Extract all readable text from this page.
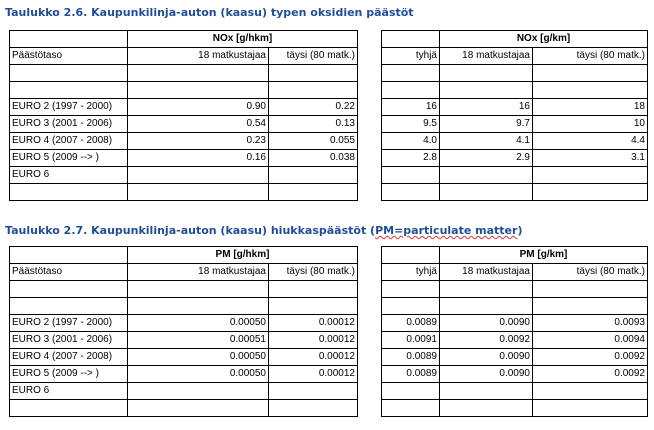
Taulukko 2.6. Kaupunkilinja-auton (kaasu) typen oksidien päästöt
	NOx [g/hkm]				NOx [g/km]	
Päästötaso	18 matkustajaa	täysi (80 matk.)		tyhjä	18 matkustajaa	täysi (80 matk.)

EURO 2 (1997 - 2000)	0.90	0.22		16	16	18
EURO 3 (2001 - 2006)	0.54	0.13		9.5	9.7	10
EURO 4 (2007 - 2008)	0.23	0.055		4.0	4.1	4.4
EURO 5 (2009 --> )	0.16	0.038		2.8	2.9	3.1
EURO 6						

Taulukko 2.7. Kaupunkilinja-auton (kaasu) hiukkaspäästöt (PM=particulate matter)
	PM [g/hkm]				PM [g/km]	
Päästötaso	18 matkustajaa	täysi (80 matk.)		tyhjä	18 matkustajaa	täysi (80 matk.)

EURO 2 (1997 - 2000)	0.00050	0.00012		0.0089	0.0090	0.0093
EURO 3 (2001 - 2006)	0.00051	0.00012		0.0091	0.0092	0.0094
EURO 4 (2007 - 2008)	0.00050	0.00012		0.0089	0.0090	0.0092
EURO 5 (2009 --> )	0.00050	0.00012		0.0089	0.0090	0.0092
EURO 6						
